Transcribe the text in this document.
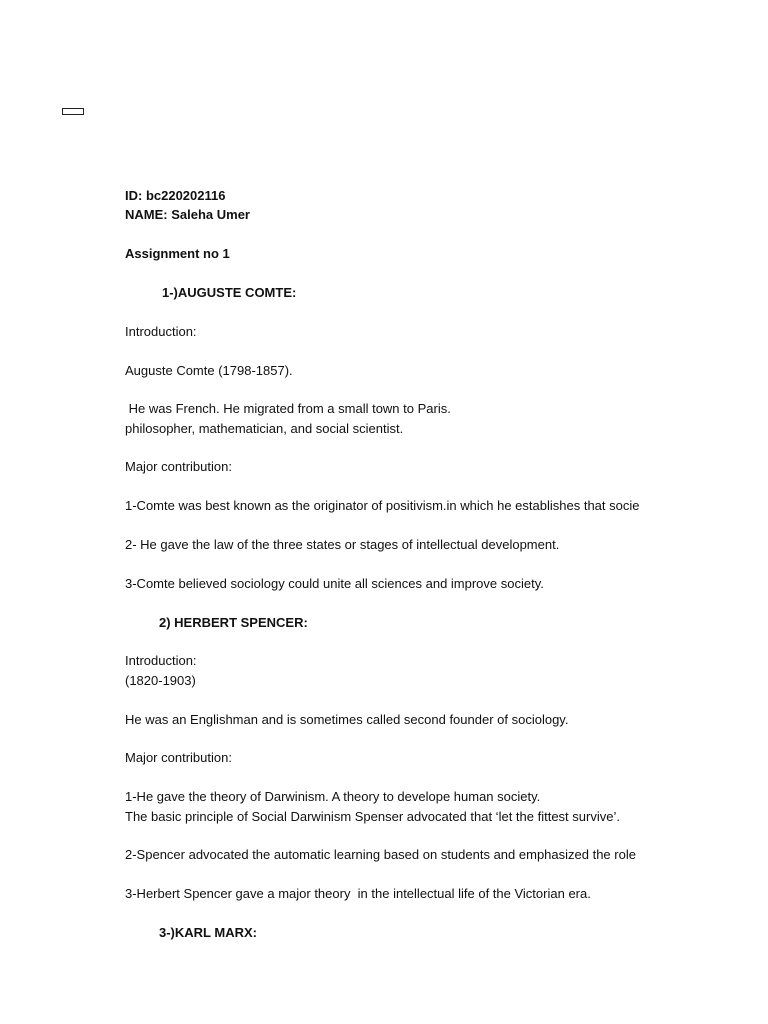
ID: bc220202116
NAME: Saleha Umer
Assignment no 1
1-)AUGUSTE COMTE:
Introduction:
Auguste Comte (1798-1857).
He was French. He migrated from a small town to Paris.
philosopher, mathematician, and social scientist.
Major contribution:
1-Comte was best known as the originator of positivism.in which he establishes that socie
2- He gave the law of the three states or stages of intellectual development.
3-Comte believed sociology could unite all sciences and improve society.
2) HERBERT SPENCER:
Introduction:
(1820-1903)
He was an Englishman and is sometimes called second founder of sociology.
Major contribution:
1-He gave the theory of Darwinism. A theory to develope human society.
The basic principle of Social Darwinism Spenser advocated that ‘let the fittest survive’.
2-Spencer advocated the automatic learning based on students and emphasized the role
3-Herbert Spencer gave a major theory  in the intellectual life of the Victorian era.
3-)KARL MARX:
